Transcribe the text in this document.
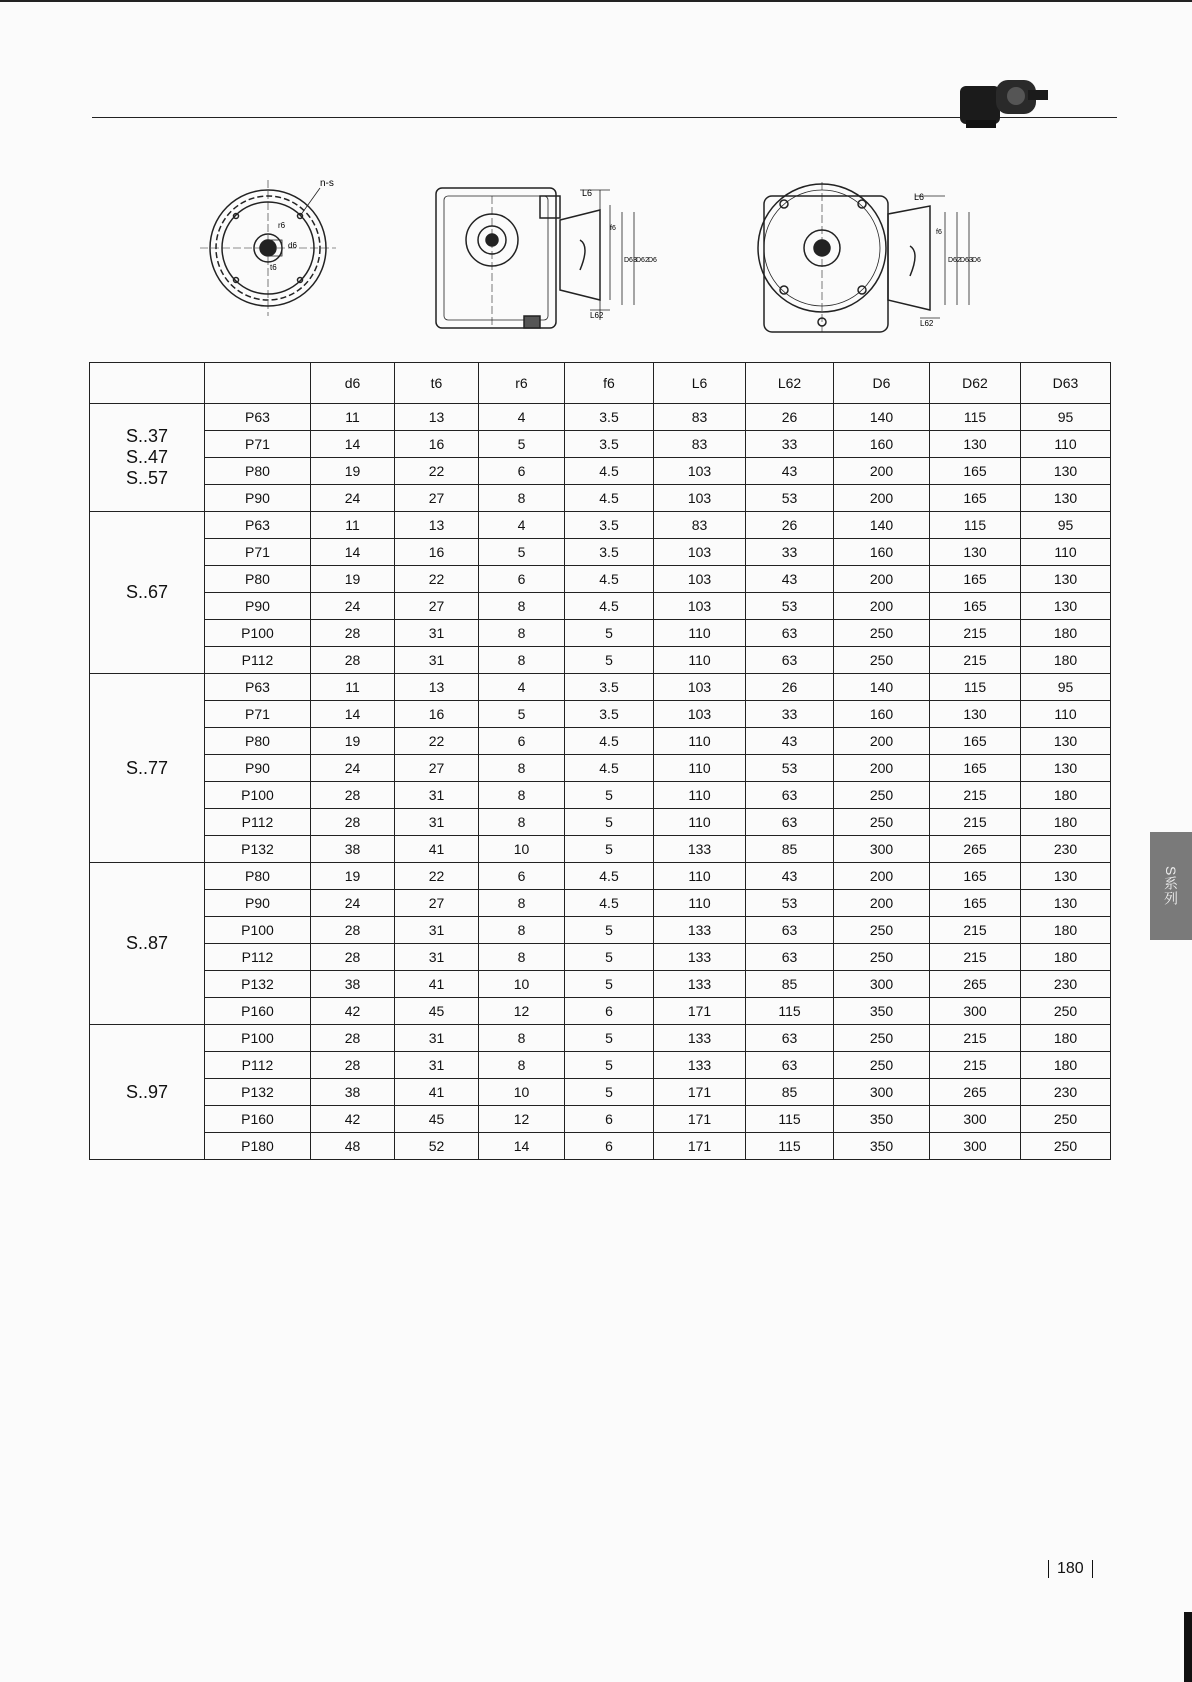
n-s
r6
d6
t6
L6
L62
f6
D63 D62 D6
L6
L62
f6
D62 D63 D6
		d6	t6	r6	f6	L6	L62	D6	D62	D63

S..37
S..47
S..57	P63	11	13	4	3.5	83	26	140	115	95
	P71	14	16	5	3.5	83	33	160	130	110
	P80	19	22	6	4.5	103	43	200	165	130
	P90	24	27	8	4.5	103	53	200	165	130

S..67	P63	11	13	4	3.5	83	26	140	115	95
	P71	14	16	5	3.5	103	33	160	130	110
	P80	19	22	6	4.5	103	43	200	165	130
	P90	24	27	8	4.5	103	53	200	165	130
	P100	28	31	8	5	110	63	250	215	180
	P112	28	31	8	5	110	63	250	215	180

S..77	P63	11	13	4	3.5	103	26	140	115	95
	P71	14	16	5	3.5	103	33	160	130	110
	P80	19	22	6	4.5	110	43	200	165	130
	P90	24	27	8	4.5	110	53	200	165	130
	P100	28	31	8	5	110	63	250	215	180
	P112	28	31	8	5	110	63	250	215	180
	P132	38	41	10	5	133	85	300	265	230

S..87	P80	19	22	6	4.5	110	43	200	165	130
	P90	24	27	8	4.5	110	53	200	165	130
	P100	28	31	8	5	133	63	250	215	180
	P112	28	31	8	5	133	63	250	215	180
	P132	38	41	10	5	133	85	300	265	230
	P160	42	45	12	6	171	115	350	300	250

S..97	P100	28	31	8	5	133	63	250	215	180
	P112	28	31	8	5	133	63	250	215	180
	P132	38	41	10	5	171	85	300	265	230
	P160	42	45	12	6	171	115	350	300	250
	P180	48	52	14	6	171	115	350	300	250
S系列
180
